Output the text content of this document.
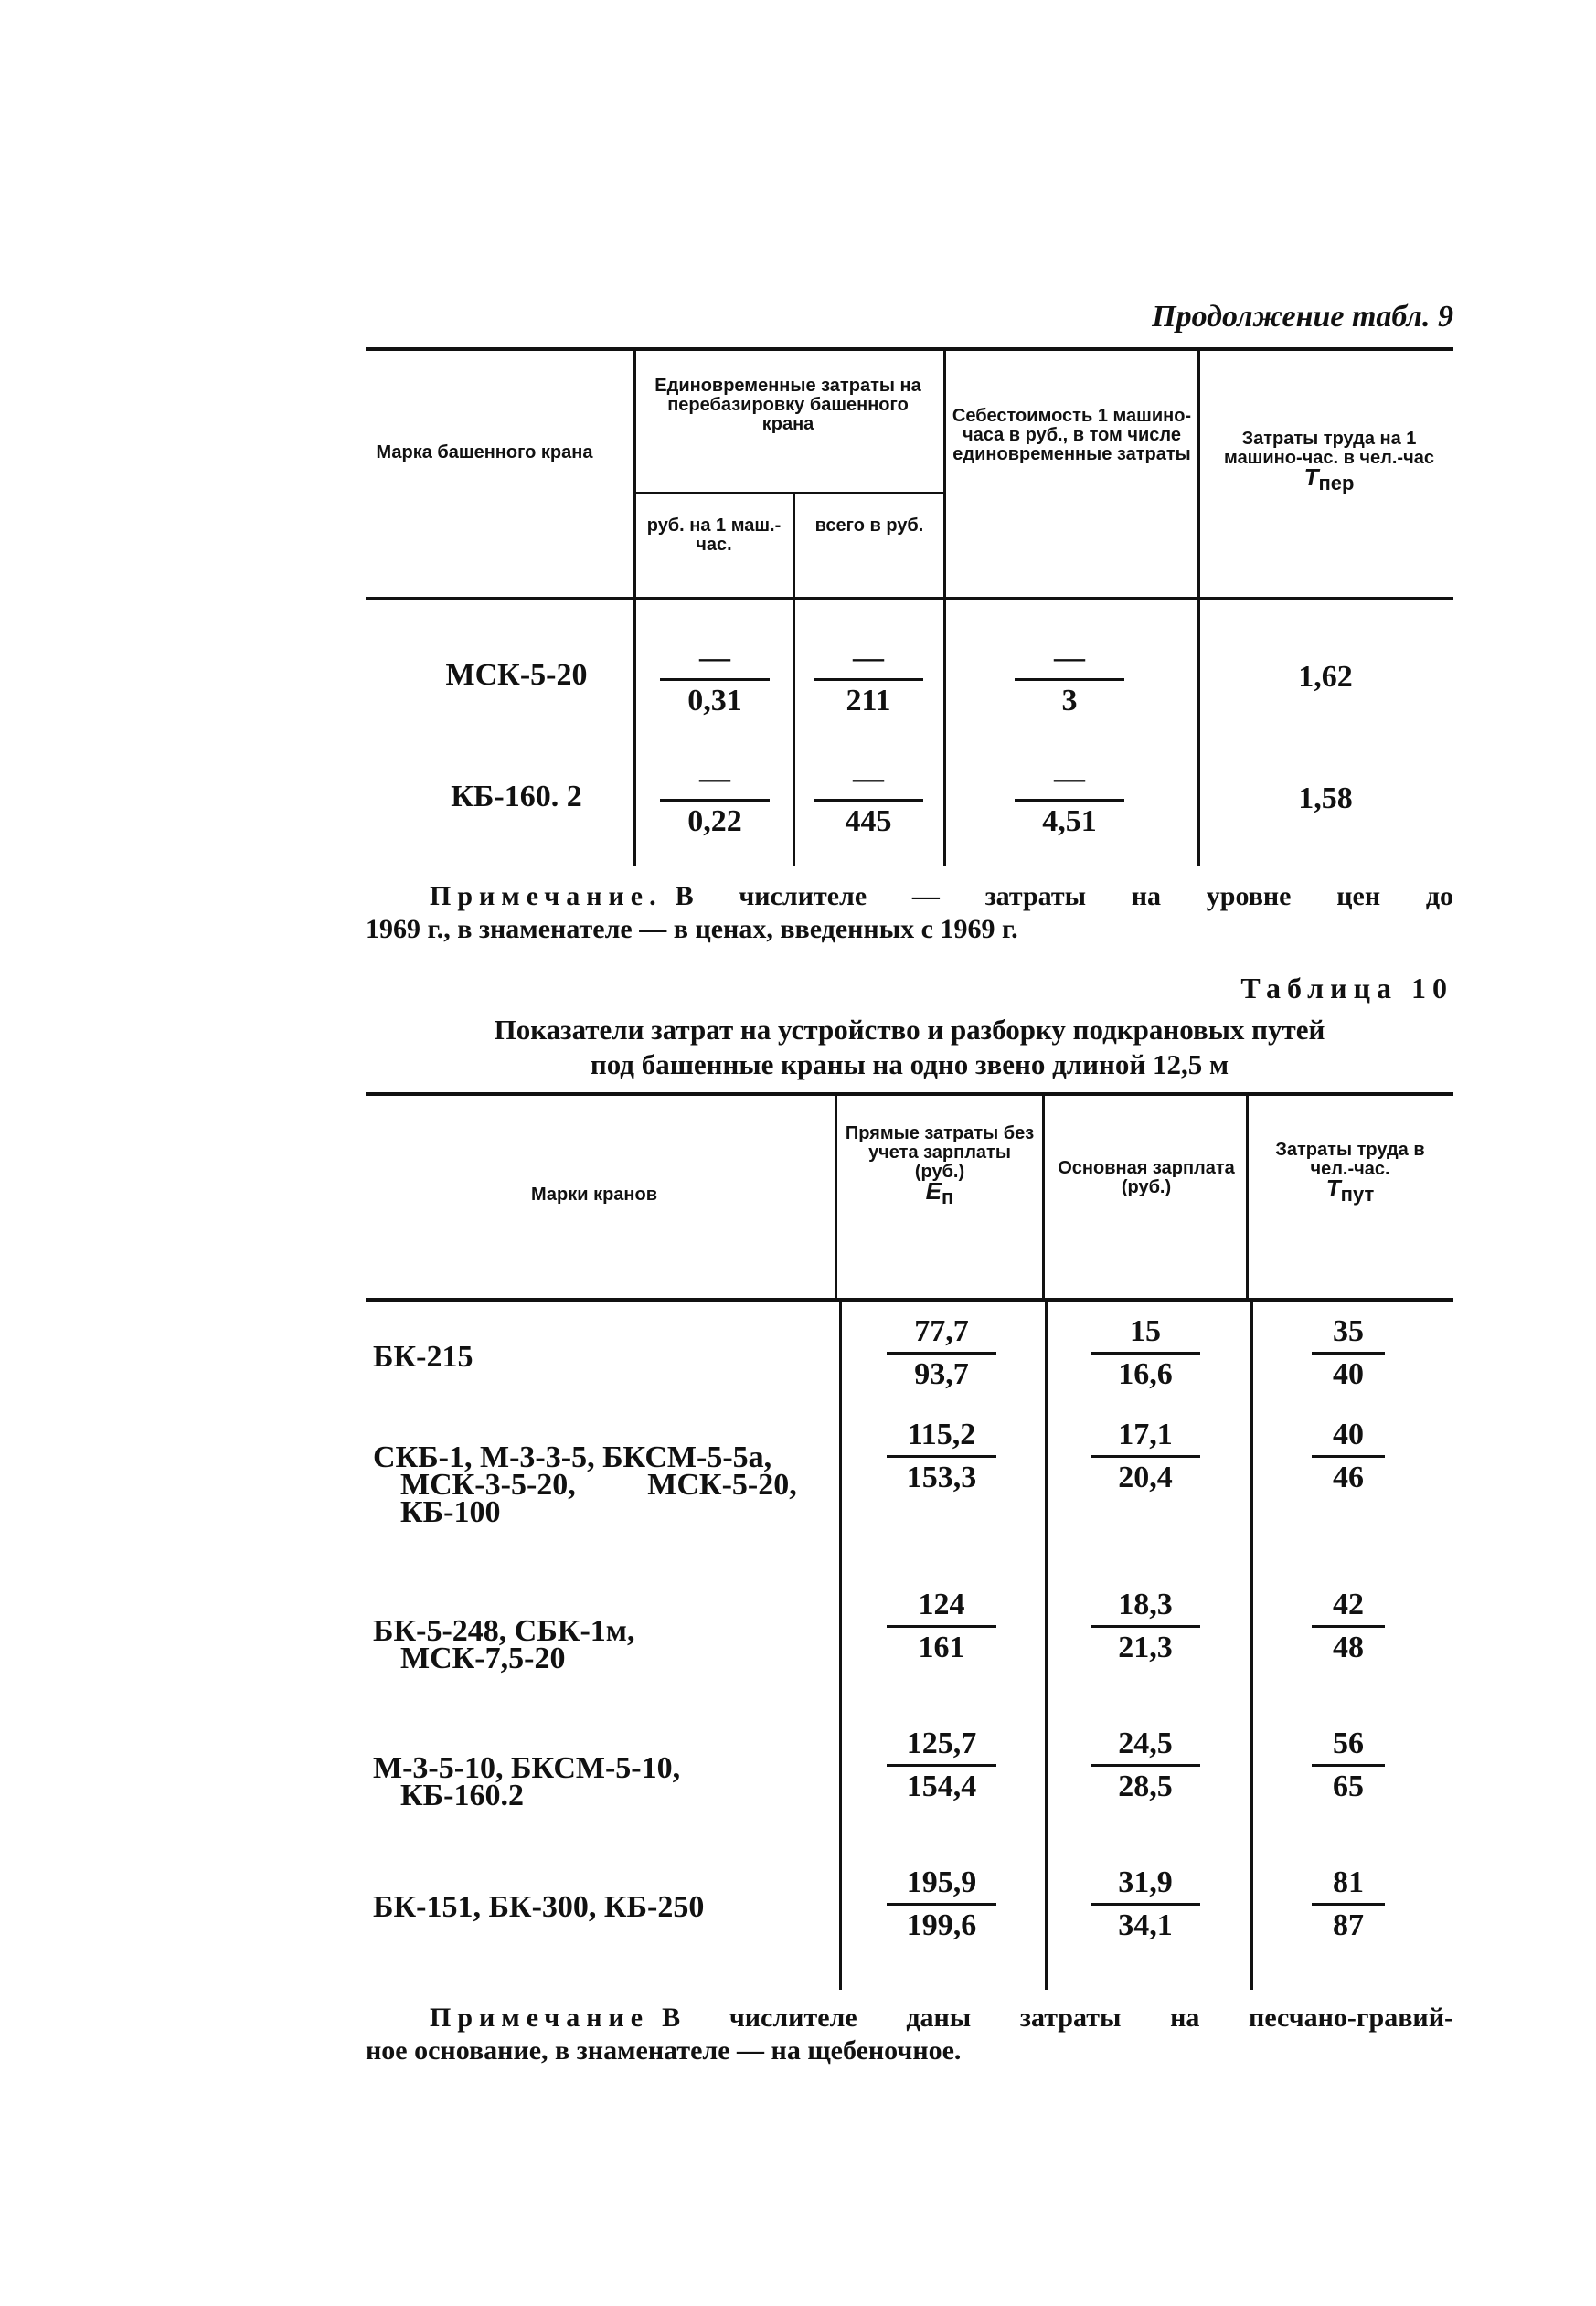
Продолжение табл. 9
Марка башенного крана
Единовременные затраты на перебазировку башенного крана
руб. на 1 маш.-час.
всего в руб.
Себестоимость 1 машино-часа в руб., в том числе единовременные затраты
Затраты труда на 1 машино-час. в чел.-час $T_{пер}$
МСК-5-20
—
0,31
—
211
—
3
1,62
КБ-160. 2
—
0,22
—
445
—
4,51
1,58
Примечание. В числителе — затраты на уровне цен до
1969 г., в знаменателе — в ценах, введенных с 1969 г.
Таблица 10
Показатели затрат на устройство и разборку подкрановых путей
под башенные краны на одно звено длиной 12,5 м
Марки кранов
Прямые затраты без учета зарплаты (руб.)
$E_п$
Основная зарплата (руб.)
Затраты труда в чел.-час.
$T_{пут}$
БК-215
77,7
93,7
15
16,6
35
40
СКБ-1, М-3-3-5, БКСМ-5-5а,
МСК-3-5-20, МСК-5-20,
КБ-100
115,2
153,3
17,1
20,4
40
46
БК-5-248, СБК-1м,
МСК-7,5-20
124
161
18,3
21,3
42
48
М-3-5-10, БКСМ-5-10,
КБ-160.2
125,7
154,4
24,5
28,5
56
65
БК-151, БК-300, КБ-250
195,9
199,6
31,9
34,1
81
87
Примечание В числителе даны затраты на песчано-гравий-
ное основание, в знаменателе — на щебеночное.
